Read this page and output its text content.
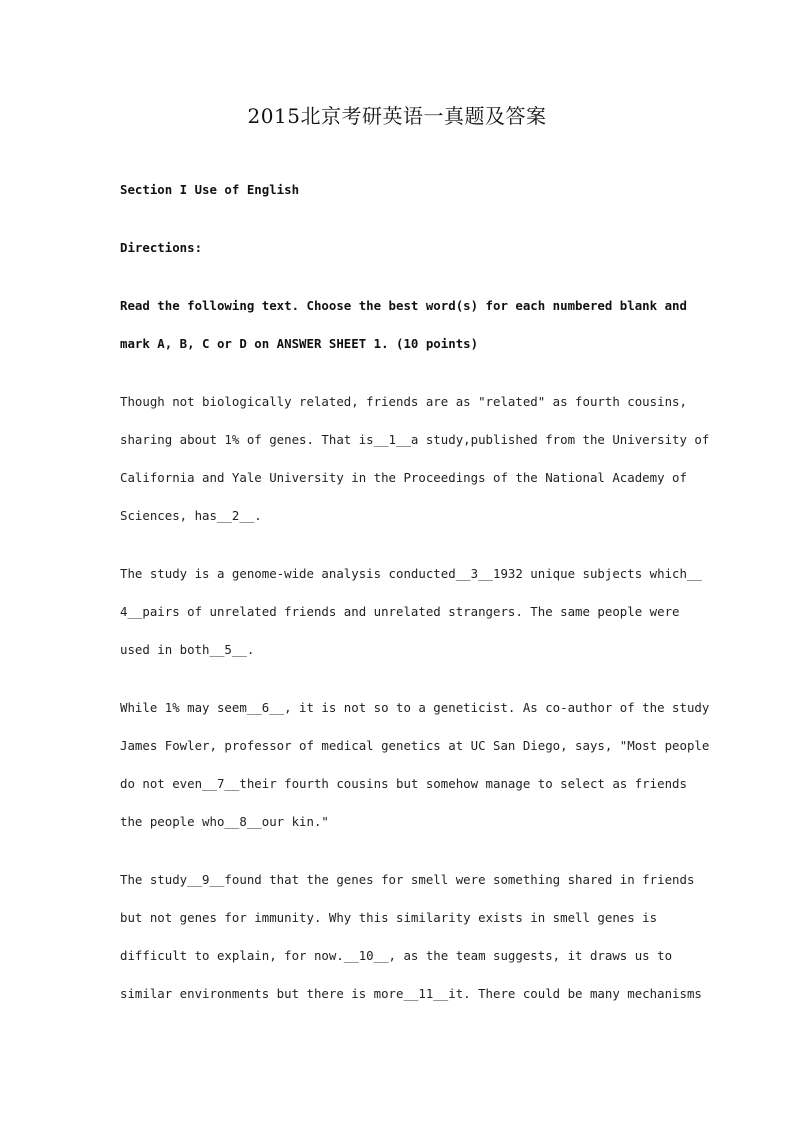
2015北京考研英语一真题及答案
Section I Use of English
Directions:
Read the following text. Choose the best word(s) for each numbered blank and
mark A, B, C or D on ANSWER SHEET 1. (10 points)
Though not biologically related, friends are as "related" as fourth cousins,
sharing about 1% of genes. That is__1__a study,published from the University of
California and Yale University in the Proceedings of the National Academy of
Sciences, has__2__.
The study is a genome-wide analysis conducted__3__1932 unique subjects which__
4__pairs of unrelated friends and unrelated strangers. The same people were
used in both__5__.
While 1% may seem__6__, it is not so to a geneticist. As co-author of the study
James Fowler, professor of medical genetics at UC San Diego, says, "Most people
do not even__7__their fourth cousins but somehow manage to select as friends
the people who__8__our kin."
The study__9__found that the genes for smell were something shared in friends
but not genes for immunity. Why this similarity exists in smell genes is
difficult to explain, for now.__10__, as the team suggests, it draws us to
similar environments but there is more__11__it. There could be many mechanisms
